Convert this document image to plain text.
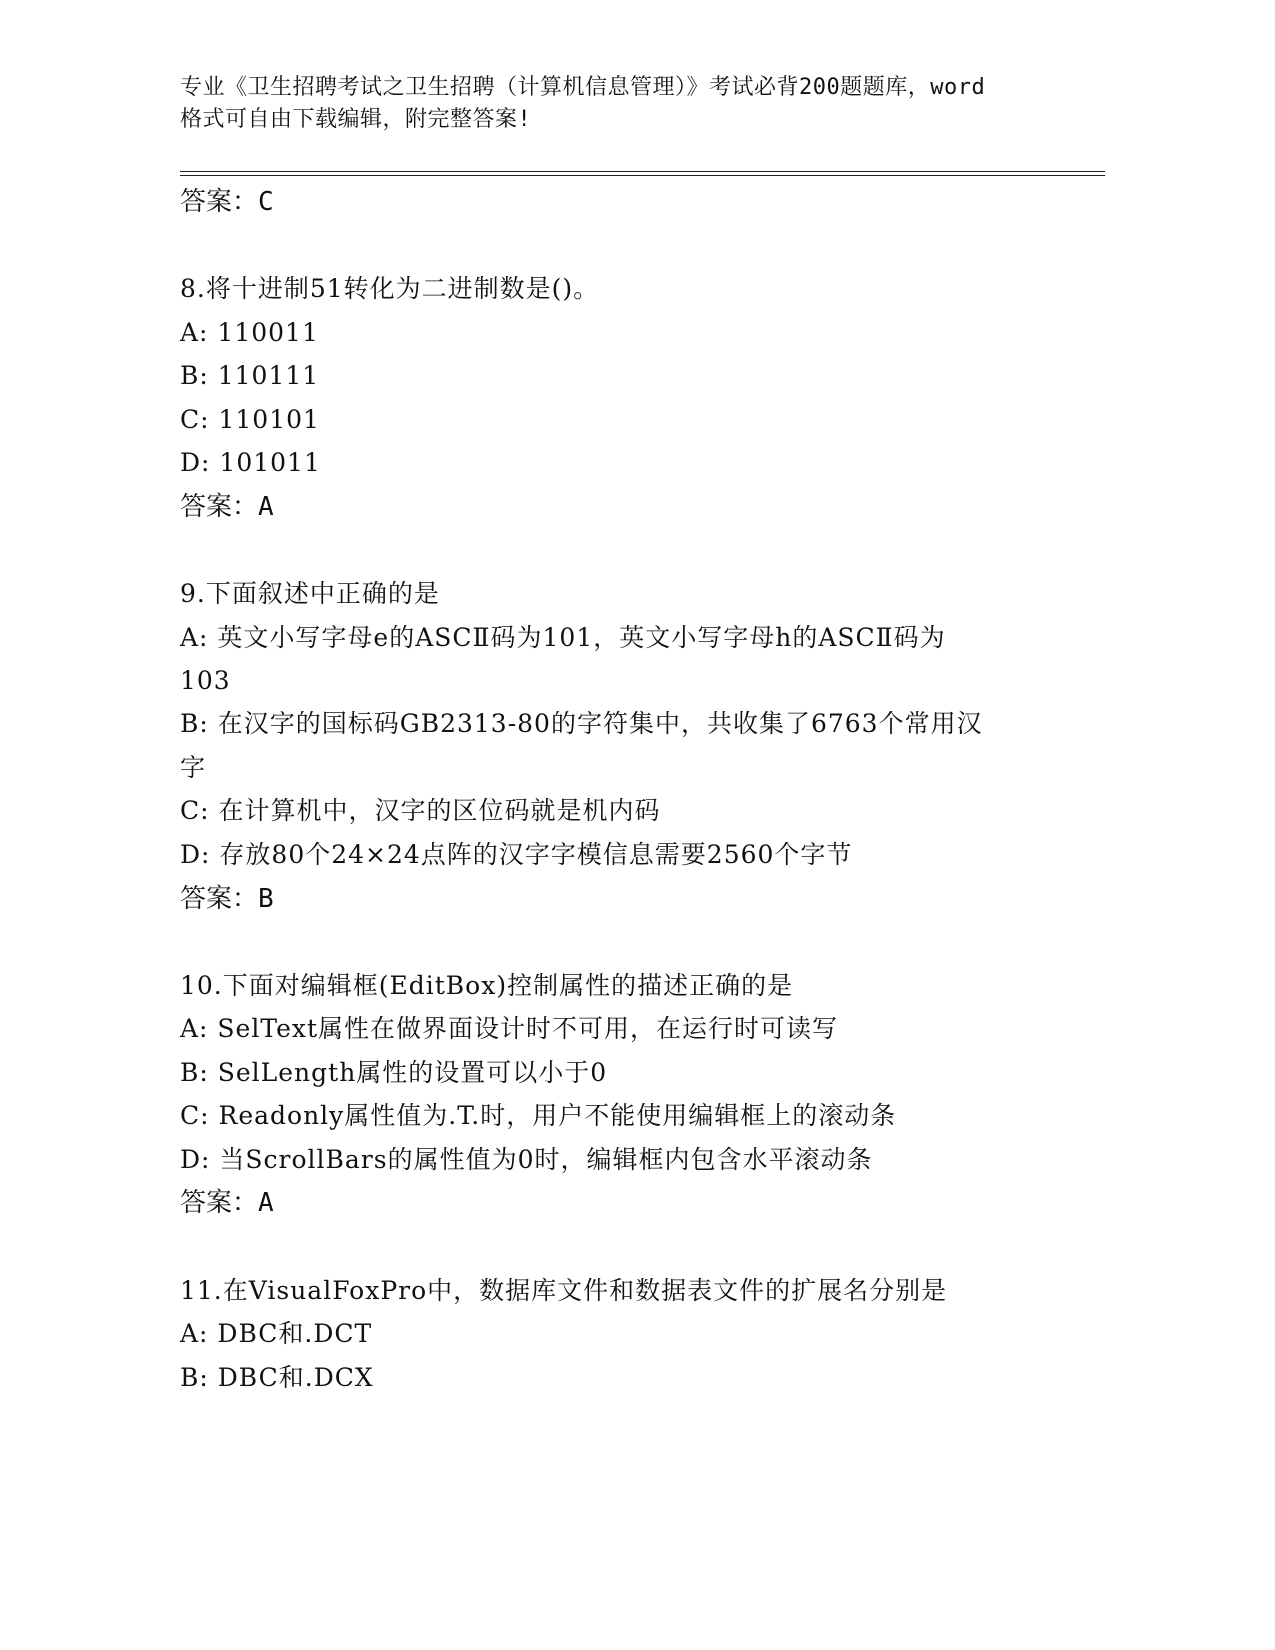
专业《卫生招聘考试之卫生招聘（计算机信息管理）》考试必背200题题库，word
格式可自由下载编辑，附完整答案!
答案：C
8.将十进制51转化为二进制数是()。
A: 110011
B: 110111
C: 110101
D: 101011
答案：A
9.下面叙述中正确的是
A: 英文小写字母e的ASCⅡ码为101，英文小写字母h的ASCⅡ码为
103
B: 在汉字的国标码GB2313-80的字符集中，共收集了6763个常用汉
字
C: 在计算机中，汉字的区位码就是机内码
D: 存放80个24×24点阵的汉字字模信息需要2560个字节
答案：B
10.下面对编辑框(EditBox)控制属性的描述正确的是
A: SelText属性在做界面设计时不可用，在运行时可读写
B: SelLength属性的设置可以小于0
C: Readonly属性值为.T.时，用户不能使用编辑框上的滚动条
D: 当ScrollBars的属性值为0时，编辑框内包含水平滚动条
答案：A
11.在VisualFoxPro中，数据库文件和数据表文件的扩展名分别是
A: DBC和.DCT
B: DBC和.DCX
